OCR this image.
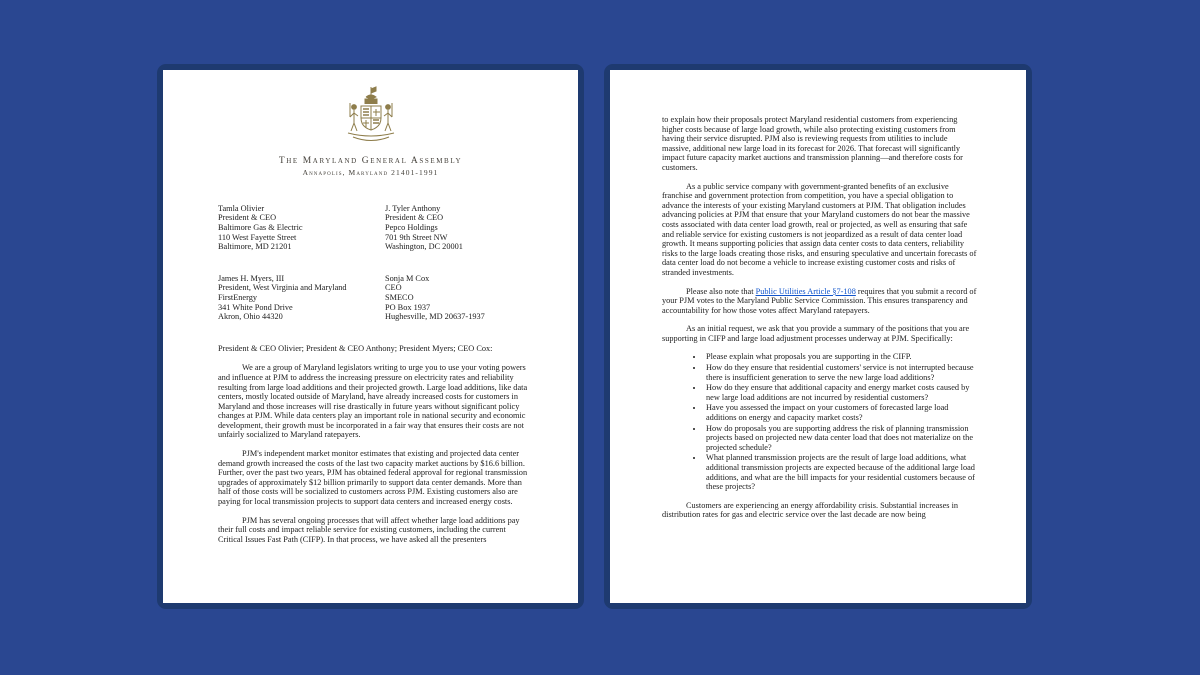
The Maryland General Assembly
Annapolis, Maryland 21401-1991
Tamla Olivier
President & CEO
Baltimore Gas & Electric
110 West Fayette Street
Baltimore, MD 21201
J. Tyler Anthony
President & CEO
Pepco Holdings
701 9th Street NW
Washington, DC 20001
James H. Myers, III
President, West Virginia and Maryland
FirstEnergy
341 White Pond Drive
Akron, Ohio 44320
Sonja M Cox
CEO
SMECO
PO Box 1937
Hughesville, MD 20637-1937
President & CEO Olivier; President & CEO Anthony; President Myers; CEO Cox:

We are a group of Maryland legislators writing to urge you to use your voting powers and influence at PJM to address the increasing pressure on electricity rates and reliability resulting from large load additions and their projected growth. Large load additions, like data centers, mostly located outside of Maryland, have already increased costs for customers in Maryland and those increases will rise drastically in future years without significant policy changes at PJM. While data centers play an important role in national security and economic development, their growth must be incorporated in a fair way that ensures their costs are not unfairly socialized to Maryland ratepayers.

PJM's independent market monitor estimates that existing and projected data center demand growth increased the costs of the last two capacity market auctions by $16.6 billion. Further, over the past two years, PJM has obtained federal approval for regional transmission upgrades of approximately $12 billion primarily to support data center demands. More than half of those costs will be socialized to customers across PJM. Existing customers also are paying for local transmission projects to support data centers and increased energy costs.

PJM has several ongoing processes that will affect whether large load additions pay their full costs and impact reliable service for existing customers, including the current Critical Issues Fast Path (CIFP). In that process, we have asked all the presenters

to explain how their proposals protect Maryland residential customers from experiencing higher costs because of large load growth, while also protecting existing customers from having their service disrupted. PJM also is reviewing requests from utilities to include massive, additional new large load in its forecast for 2026. That forecast will significantly impact future capacity market auctions and transmission planning—and therefore costs for customers.

As a public service company with government-granted benefits of an exclusive franchise and government protection from competition, you have a special obligation to advance the interests of your existing Maryland customers at PJM. That obligation includes advancing policies at PJM that ensure that your Maryland customers do not bear the massive costs associated with data center load growth, real or projected, as well as ensuring that safe and reliable service for existing customers is not jeopardized as a result of data center load growth. It means supporting policies that assign data center costs to data centers, reliability risks to the large loads creating those risks, and ensuring speculative and uncertain forecasts of data center load do not become a vehicle to increase existing customer costs and risks of stranded investments.

Please also note that Public Utilities Article §7-108 requires that you submit a record of your PJM votes to the Maryland Public Service Commission. This ensures transparency and accountability for how those votes affect Maryland ratepayers.

As an initial request, we ask that you provide a summary of the positions that you are supporting in CIFP and large load adjustment processes underway at PJM. Specifically:

• Please explain what proposals you are supporting in the CIFP.
• How do they ensure that residential customers' service is not interrupted because there is insufficient generation to serve the new large load additions?
• How do they ensure that additional capacity and energy market costs caused by new large load additions are not incurred by residential customers?
• Have you assessed the impact on your customers of forecasted large load additions on energy and capacity market costs?
• How do proposals you are supporting address the risk of planning transmission projects based on projected new data center load that does not materialize on the projected schedule?
• What planned transmission projects are the result of large load additions, what additional transmission projects are expected because of the additional large load additions, and what are the bill impacts for your residential customers because of these projects?

Customers are experiencing an energy affordability crisis. Substantial increases in distribution rates for gas and electric service over the last decade are now being
